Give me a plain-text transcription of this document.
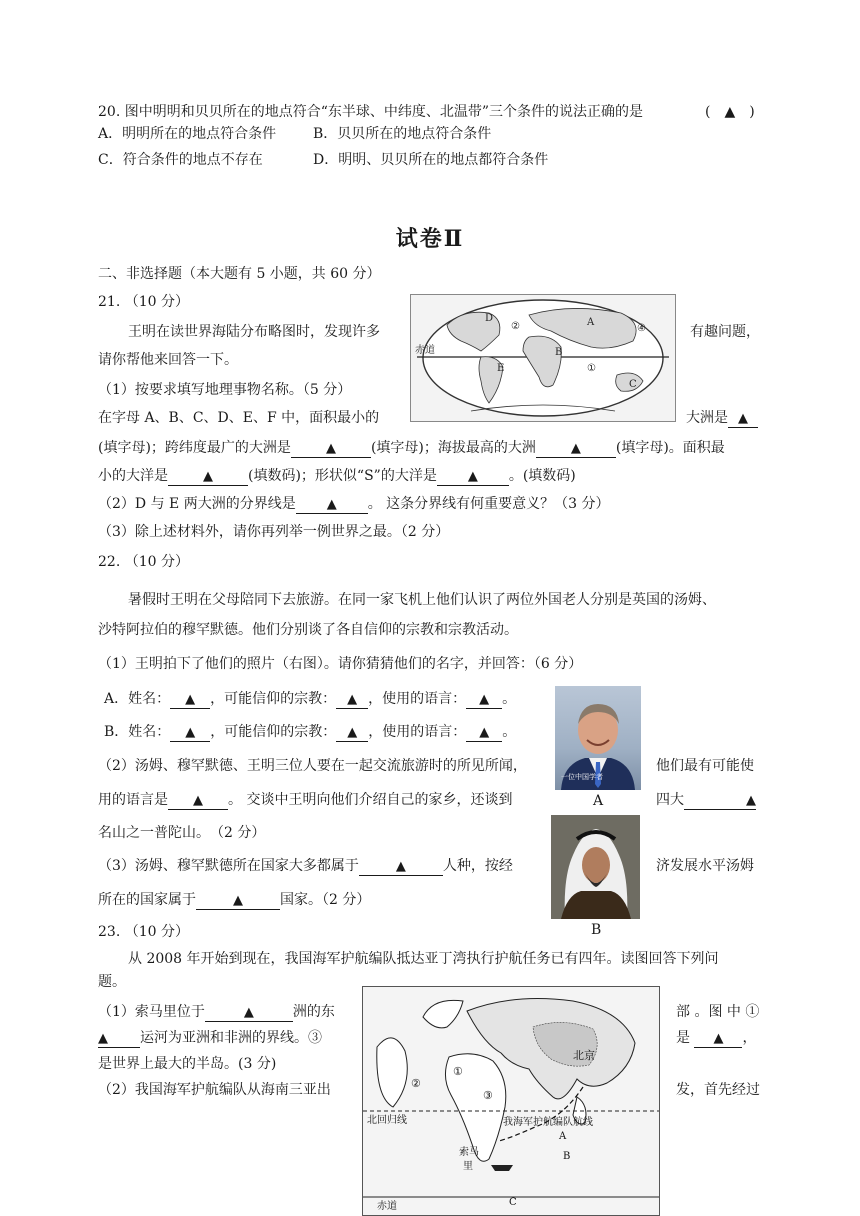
20. 图中明明和贝贝所在的地点符合“东半球、中纬度、北温带”三个条件的说法正确的是	(　▲　)
A．明明所在的地点符合条件	B．贝贝所在的地点符合条件
C．符合条件的地点不存在	D．明明、贝贝所在的地点都符合条件
试卷Ⅱ
二、非选择题（本大题有 5 小题，共 60 分）
21. （10 分）
王明在读世界海陆分布略图时，发现许多	有趣问题，
请你帮他来回答一下。
（1）按要求填写地理事物名称。（5 分）
在字母 A、B、C、D、E、F 中，面积最小的	大洲是 ▲
(填字母)；跨纬度最广的大洲是	▲	(填字母)；海拔最高的大洲	▲	(填字母)。面积最
小的大洋是	▲	(填数码)；形状似“S”的大洋是 ▲ 。(填数码)
（2）D 与 E 两大洲的分界线是 ▲ 。 这条分界线有何重要意义？（3 分）
（3）除上述材料外，请你再列举一例世界之最。（2 分）
赤道
D
②	A
④
B
E	①
C
22. （10 分）
暑假时王明在父母陪同下去旅游。在同一家飞机上他们认识了两位外国老人分别是英国的汤姆、
沙特阿拉伯的穆罕默德。他们分别谈了各自信仰的宗教和宗教活动。
（1）王明拍下了他们的照片（右图）。请你猜猜他们的名字，并回答：（6 分）
A．姓名： ▲ ，可能信仰的宗教： ▲ ，使用的语言： ▲ 。
B．姓名： ▲ ，可能信仰的宗教： ▲ ，使用的语言： ▲ 。
（2）汤姆、穆罕默德、王明三位人要在一起交流旅游时的所见所闻，	他们最有可能使
用的语言是 ▲ 。 交谈中王明向他们介绍自己的家乡，还谈到	四大	▲
名山之一普陀山。　（2 分）
（3）汤姆、穆罕默德所在国家大多都属于	▲	人种，按经	济发展水平汤姆
所在的国家属于	▲	国家。（2 分）
一位中国学者
A
B
23. （10 分）
从 2008 年开始到现在，我国海军护航编队抵达亚丁湾执行护航任务已有四年。读图回答下列问
题。
（1）索马里位于	▲	洲的东	部 。图 中 ①
▲ 运河为亚洲和非洲的界线。③	是 ▲ ，
是世界上最大的半岛。(3 分)
（2）我国海军护航编队从海南三亚出	发，首先经过
北京
北回归线	我海军护航编队航线
索马
里
赤道
A
B
C
①
②
③
